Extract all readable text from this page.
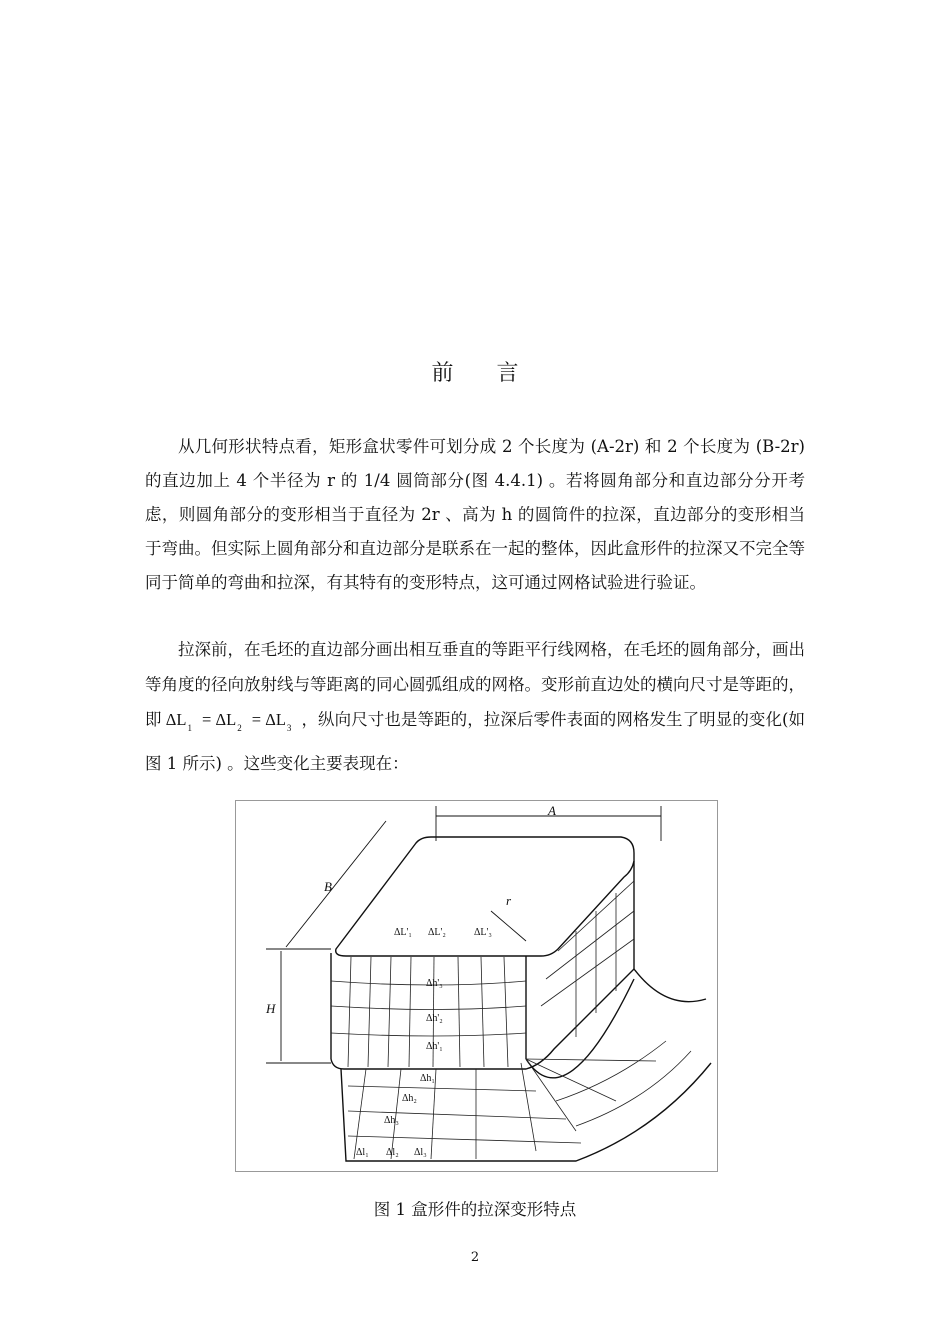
前 言

从几何形状特点看，矩形盒状零件可划分成 2 个长度为 (A-2r) 和 2 个长度为 (B-2r) 的直边加上 4 个半径为 r 的 1/4 圆筒部分(图 4.4.1) 。若将圆角部分和直边部分分开考虑，则圆角部分的变形相当于直径为 2r 、高为 h 的圆筒件的拉深，直边部分的变形相当于弯曲。但实际上圆角部分和直边部分是联系在一起的整体，因此盒形件的拉深又不完全等同于简单的弯曲和拉深，有其特有的变形特点，这可通过网格试验进行验证。

拉深前，在毛坯的直边部分画出相互垂直的等距平行线网格，在毛坯的圆角部分，画出等角度的径向放射线与等距离的同心圆弧组成的网格。变形前直边处的横向尺寸是等距的，即 $\Delta L_1 = \Delta L_2 = \Delta L_3$ ，纵向尺寸也是等距的，拉深后零件表面的网格发生了明显的变化(如图 1 所示) 。这些变化主要表现在：

A
B
H
r
ΔL'₁ ΔL'₂	ΔL'₃
Δh'₃
Δh'₂
Δh'₁
Δh₁
Δh₂
Δh₃
Δl₁ Δl₂ Δl₃
图 1 盒形件的拉深变形特点
2
